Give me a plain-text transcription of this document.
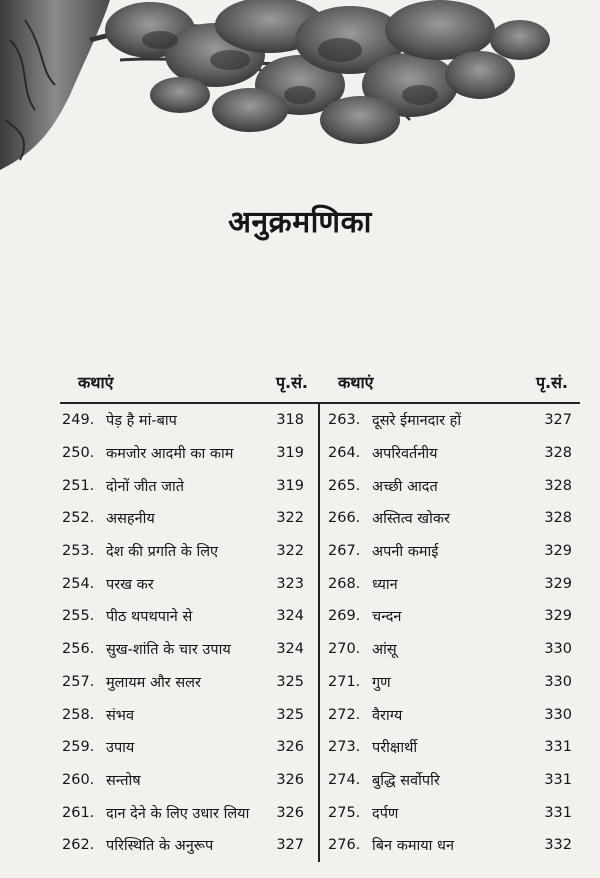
अनुक्रमणिका
कथाएं	पृ.सं.	कथाएं	पृ.सं.
249. पेड़ है मां-बाप	318
250. कमजोर आदमी का काम	319
251. दोनों जीत जाते	319
252. असहनीय	322
253. देश की प्रगति के लिए	322
254. परख कर	323
255. पीठ थपथपाने से	324
256. सुख-शांति के चार उपाय	324
257. मुलायम और सलर	325
258. संभव	325
259. उपाय	326
260. सन्तोष	326
261. दान देने के लिए उधार लिया	326
262. परिस्थिति के अनुरूप	327
263. दूसरे ईमानदार हों	327
264. अपरिवर्तनीय	328
265. अच्छी आदत	328
266. अस्तित्व खोकर	328
267. अपनी कमाई	329
268. ध्यान	329
269. चन्दन	329
270. आंसू	330
271. गुण	330
272. वैराग्य	330
273. परीक्षार्थी	331
274. बुद्धि सर्वोपरि	331
275. दर्पण	331
276. बिन कमाया धन	332
